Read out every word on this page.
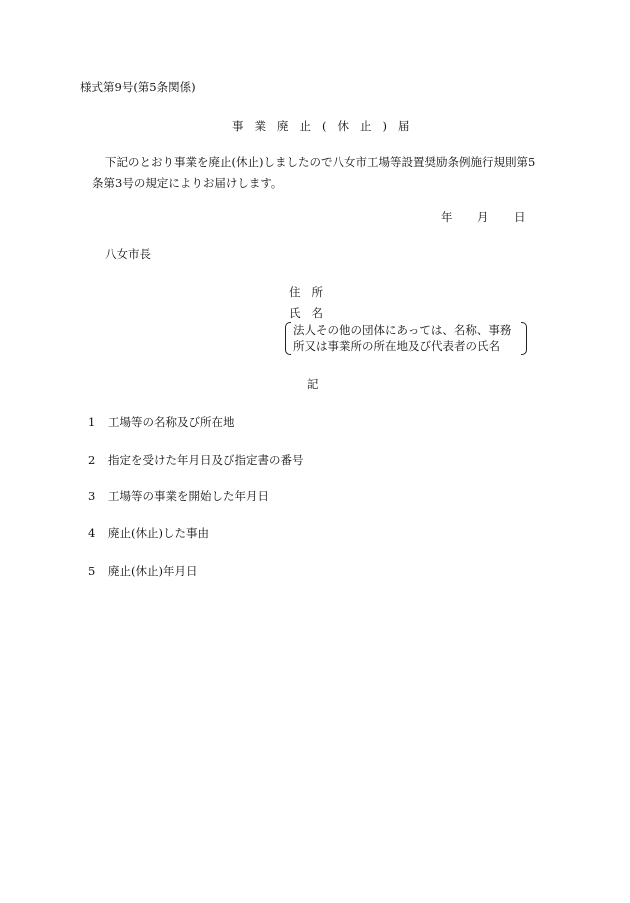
様式第9号(第5条関係)
事業廃止(休止)届
下記のとおり事業を廃止(休止)しましたので八女市工場等設置奨励条例施行規則第5
条第3号の規定によりお届けします。
年 月 日
八女市長
住所
氏名
法人その他の団体にあっては、名称、事務
所又は事業所の所在地及び代表者の氏名
記
1 工場等の名称及び所在地
2 指定を受けた年月日及び指定書の番号
3 工場等の事業を開始した年月日
4 廃止(休止)した事由
5 廃止(休止)年月日
